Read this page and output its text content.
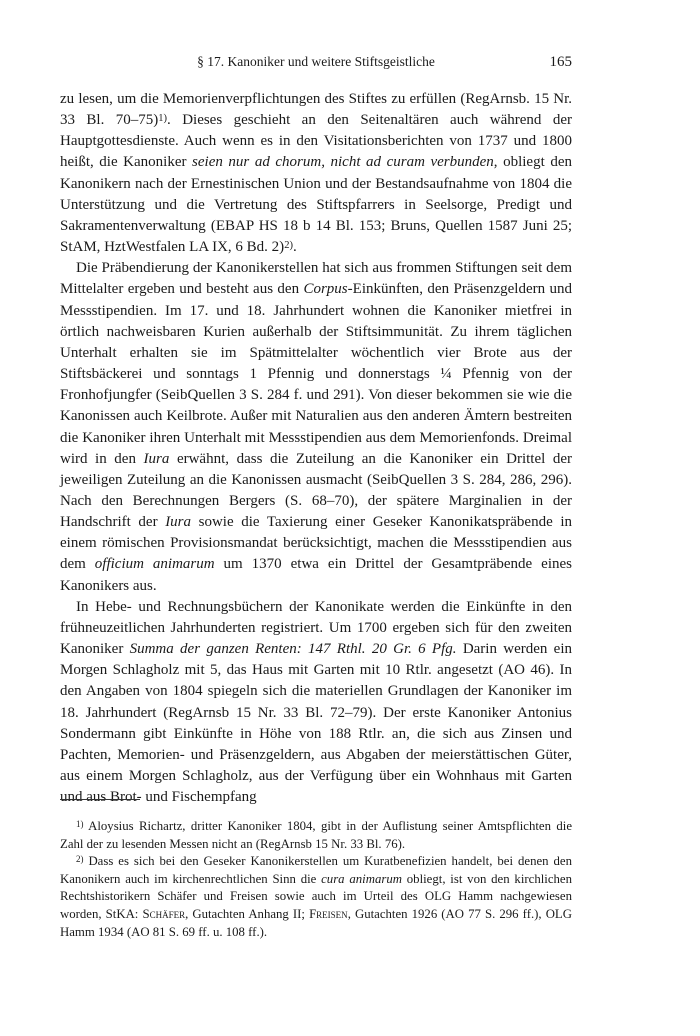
§ 17. Kanoniker und weitere Stiftsgeistliche	165

zu lesen, um die Memorienverpflichtungen des Stiftes zu erfüllen (RegArnsb. 15 Nr. 33 Bl. 70–75)$^{1)}$. Dieses geschieht an den Seitenaltären auch während der Hauptgottesdienste. Auch wenn es in den Visitationsberichten von 1737 und 1800 heißt, die Kanoniker seien nur ad chorum, nicht ad curam verbunden, obliegt den Kanonikern nach der Ernestinischen Union und der Bestandsaufnahme von 1804 die Unterstützung und die Vertretung des Stiftspfarrers in Seelsorge, Predigt und Sakramentenverwaltung (EBAP HS 18 b 14 Bl. 153; Bruns, Quellen 1587 Juni 25; StAM, HztWestfalen LA IX, 6 Bd. 2)$^{2)}$.

Die Präbendierung der Kanonikerstellen hat sich aus frommen Stiftungen seit dem Mittelalter ergeben und besteht aus den Corpus-Einkünften, den Präsenzgeldern und Messstipendien. Im 17. und 18. Jahrhundert wohnen die Kanoniker mietfrei in örtlich nachweisbaren Kurien außerhalb der Stiftsimmunität. Zu ihrem täglichen Unterhalt erhalten sie im Spätmittelalter wöchentlich vier Brote aus der Stiftsbäckerei und sonntags 1 Pfennig und donnerstags ¼ Pfennig von der Fronhofjungfer (SeibQuellen 3 S. 284 f. und 291). Von dieser bekommen sie wie die Kanonissen auch Keilbrote. Außer mit Naturalien aus den anderen Ämtern bestreiten die Kanoniker ihren Unterhalt mit Messstipendien aus dem Memorienfonds. Dreimal wird in den Iura erwähnt, dass die Zuteilung an die Kanoniker ein Drittel der jeweiligen Zuteilung an die Kanonissen ausmacht (SeibQuellen 3 S. 284, 286, 296). Nach den Berechnungen Bergers (S. 68–70), der spätere Marginalien in der Handschrift der Iura sowie die Taxierung einer Geseker Kanonikatspräbende in einem römischen Provisionsmandat berücksichtigt, machen die Messstipendien aus dem officium animarum um 1370 etwa ein Drittel der Gesamtpräbende eines Kanonikers aus.

In Hebe- und Rechnungsbüchern der Kanonikate werden die Einkünfte in den frühneuzeitlichen Jahrhunderten registriert. Um 1700 ergeben sich für den zweiten Kanoniker Summa der ganzen Renten: 147 Rthl. 20 Gr. 6 Pfg. Darin werden ein Morgen Schlagholz mit 5, das Haus mit Garten mit 10 Rtlr. angesetzt (AO 46). In den Angaben von 1804 spiegeln sich die materiellen Grundlagen der Kanoniker im 18. Jahrhundert (RegArnsb 15 Nr. 33 Bl. 72–79). Der erste Kanoniker Antonius Sondermann gibt Einkünfte in Höhe von 188 Rtlr. an, die sich aus Zinsen und Pachten, Memorien- und Präsenzgeldern, aus Abgaben der meierstättischen Güter, aus einem Morgen Schlagholz, aus der Verfügung über ein Wohnhaus mit Garten und aus Brot- und Fischempfang

$^{1)}$ Aloysius Richartz, dritter Kanoniker 1804, gibt in der Auflistung seiner Amtspflichten die Zahl der zu lesenden Messen nicht an (RegArnsb 15 Nr. 33 Bl. 76).

$^{2)}$ Dass es sich bei den Geseker Kanonikerstellen um Kuratbenefizien handelt, bei denen den Kanonikern auch im kirchenrechtlichen Sinn die cura animarum obliegt, ist von den kirchlichen Rechtshistorikern Schäfer und Freisen sowie auch im Urteil des OLG Hamm nachgewiesen worden, StKA: Schäfer, Gutachten Anhang II; Freisen, Gutachten 1926 (AO 77 S. 296 ff.), OLG Hamm 1934 (AO 81 S. 69 ff. u. 108 ff.).
